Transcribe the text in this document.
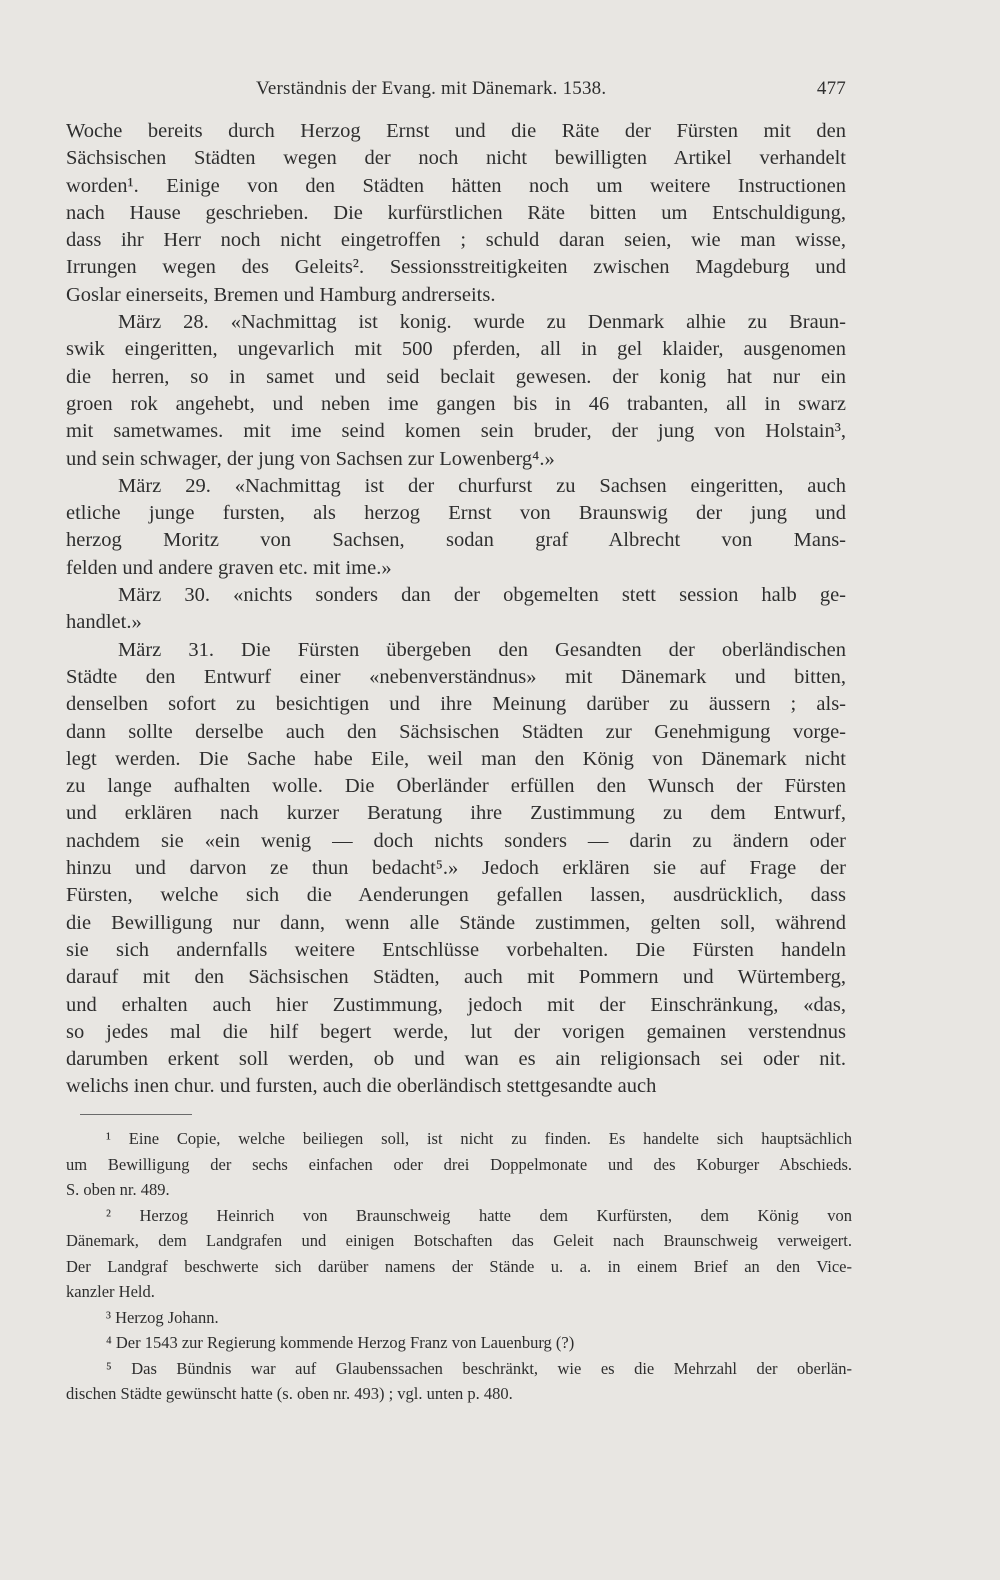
Verständnis der Evang. mit Dänemark. 1538.	477
Woche bereits durch Herzog Ernst und die Räte der Fürsten mit den
Sächsischen Städten wegen der noch nicht bewilligten Artikel verhandelt
worden¹. Einige von den Städten hätten noch um weitere Instructionen
nach Hause geschrieben. Die kurfürstlichen Räte bitten um Entschuldigung,
dass ihr Herr noch nicht eingetroffen ; schuld daran seien, wie man wisse,
Irrungen wegen des Geleits². Sessionsstreitigkeiten zwischen Magdeburg und
Goslar einerseits, Bremen und Hamburg andrerseits.
März 28. «Nachmittag ist konig. wurde zu Denmark alhie zu Braun-
swik eingeritten, ungevarlich mit 500 pferden, all in gel klaider, ausgenomen
die herren, so in samet und seid beclait gewesen. der konig hat nur ein
groen rok angehebt, und neben ime gangen bis in 46 trabanten, all in swarz
mit sametwames. mit ime seind komen sein bruder, der jung von Holstain³,
und sein schwager, der jung von Sachsen zur Lowenberg⁴.»
März 29. «Nachmittag ist der churfurst zu Sachsen eingeritten, auch
etliche junge fursten, als herzog Ernst von Braunswig der jung und
herzog Moritz von Sachsen, sodan graf Albrecht von Mans-
felden und andere graven etc. mit ime.»
März 30. «nichts sonders dan der obgemelten stett session halb ge-
handlet.»
März 31. Die Fürsten übergeben den Gesandten der oberländischen
Städte den Entwurf einer «nebenverständnus» mit Dänemark und bitten,
denselben sofort zu besichtigen und ihre Meinung darüber zu äussern ; als-
dann sollte derselbe auch den Sächsischen Städten zur Genehmigung vorge-
legt werden. Die Sache habe Eile, weil man den König von Dänemark nicht
zu lange aufhalten wolle. Die Oberländer erfüllen den Wunsch der Fürsten
und erklären nach kurzer Beratung ihre Zustimmung zu dem Entwurf,
nachdem sie «ein wenig — doch nichts sonders — darin zu ändern oder
hinzu und darvon ze thun bedacht⁵.» Jedoch erklären sie auf Frage der
Fürsten, welche sich die Aenderungen gefallen lassen, ausdrücklich, dass
die Bewilligung nur dann, wenn alle Stände zustimmen, gelten soll, während
sie sich andernfalls weitere Entschlüsse vorbehalten. Die Fürsten handeln
darauf mit den Sächsischen Städten, auch mit Pommern und Würtemberg,
und erhalten auch hier Zustimmung, jedoch mit der Einschränkung, «das,
so jedes mal die hilf begert werde, lut der vorigen gemainen verstendnus
darumben erkent soll werden, ob und wan es ain religionsach sei oder nit.
welichs inen chur. und fursten, auch die oberländisch stettgesandte auch
¹ Eine Copie, welche beiliegen soll, ist nicht zu finden. Es handelte sich hauptsächlich
um Bewilligung der sechs einfachen oder drei Doppelmonate und des Koburger Abschieds.
S. oben nr. 489.
² Herzog Heinrich von Braunschweig hatte dem Kurfürsten, dem König von
Dänemark, dem Landgrafen und einigen Botschaften das Geleit nach Braunschweig verweigert.
Der Landgraf beschwerte sich darüber namens der Stände u. a. in einem Brief an den Vice-
kanzler Held.
³ Herzog Johann.
⁴ Der 1543 zur Regierung kommende Herzog Franz von Lauenburg (?)
⁵ Das Bündnis war auf Glaubenssachen beschränkt, wie es die Mehrzahl der oberlän-
dischen Städte gewünscht hatte (s. oben nr. 493) ; vgl. unten p. 480.
